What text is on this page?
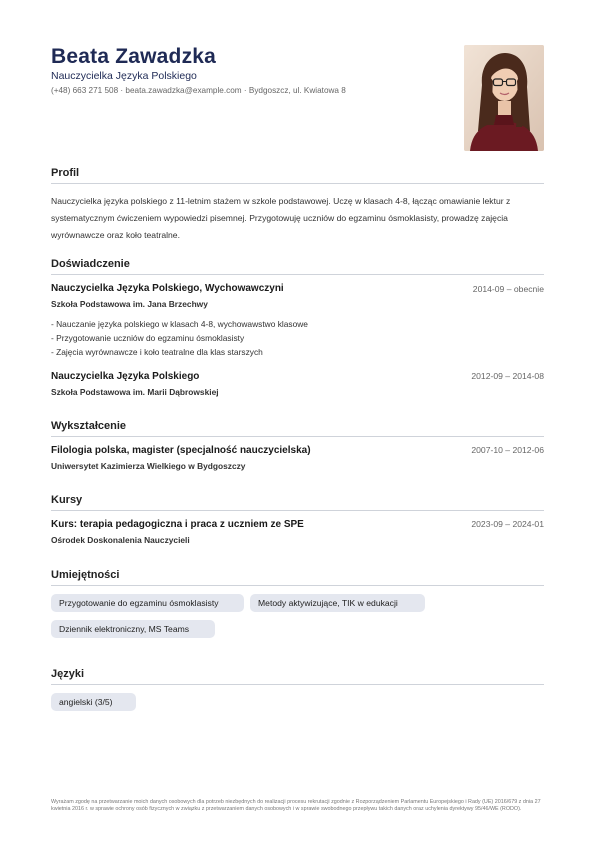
Beata Zawadzka
Nauczycielka Języka Polskiego
(+48) 663 271 508 · beata.zawadzka@example.com · Bydgoszcz, ul. Kwiatowa 8
Profil
Nauczycielka języka polskiego z 11-letnim stażem w szkole podstawowej. Uczę w klasach 4-8, łącząc omawianie lektur z systematycznym ćwiczeniem wypowiedzi pisemnej. Przygotowuję uczniów do egzaminu ósmoklasisty, prowadzę zajęcia wyrównawcze oraz koło teatralne.
Doświadczenie
Nauczycielka Języka Polskiego, Wychowawczyni	2014-09 – obecnie
Szkoła Podstawowa im. Jana Brzechwy
- Nauczanie języka polskiego w klasach 4-8, wychowawstwo klasowe
- Przygotowanie uczniów do egzaminu ósmoklasisty
- Zajęcia wyrównawcze i koło teatralne dla klas starszych
Nauczycielka Języka Polskiego	2012-09 – 2014-08
Szkoła Podstawowa im. Marii Dąbrowskiej
Wykształcenie
Filologia polska, magister (specjalność nauczycielska)	2007-10 – 2012-06
Uniwersytet Kazimierza Wielkiego w Bydgoszczy
Kursy
Kurs: terapia pedagogiczna i praca z uczniem ze SPE	2023-09 – 2024-01
Ośrodek Doskonalenia Nauczycieli
Umiejętności
Przygotowanie do egzaminu ósmoklasisty	Metody aktywizujące, TIK w edukacji
Dziennik elektroniczny, MS Teams
Języki
angielski (3/5)
Wyrażam zgodę na przetwarzanie moich danych osobowych dla potrzeb niezbędnych do realizacji procesu rekrutacji zgodnie z Rozporządzeniem Parlamentu Europejskiego i Rady (UE) 2016/679 z dnia 27 kwietnia 2016 r. w sprawie ochrony osób fizycznych w związku z przetwarzaniem danych osobowych i w sprawie swobodnego przepływu takich danych oraz uchylenia dyrektywy 95/46/WE (RODO).
